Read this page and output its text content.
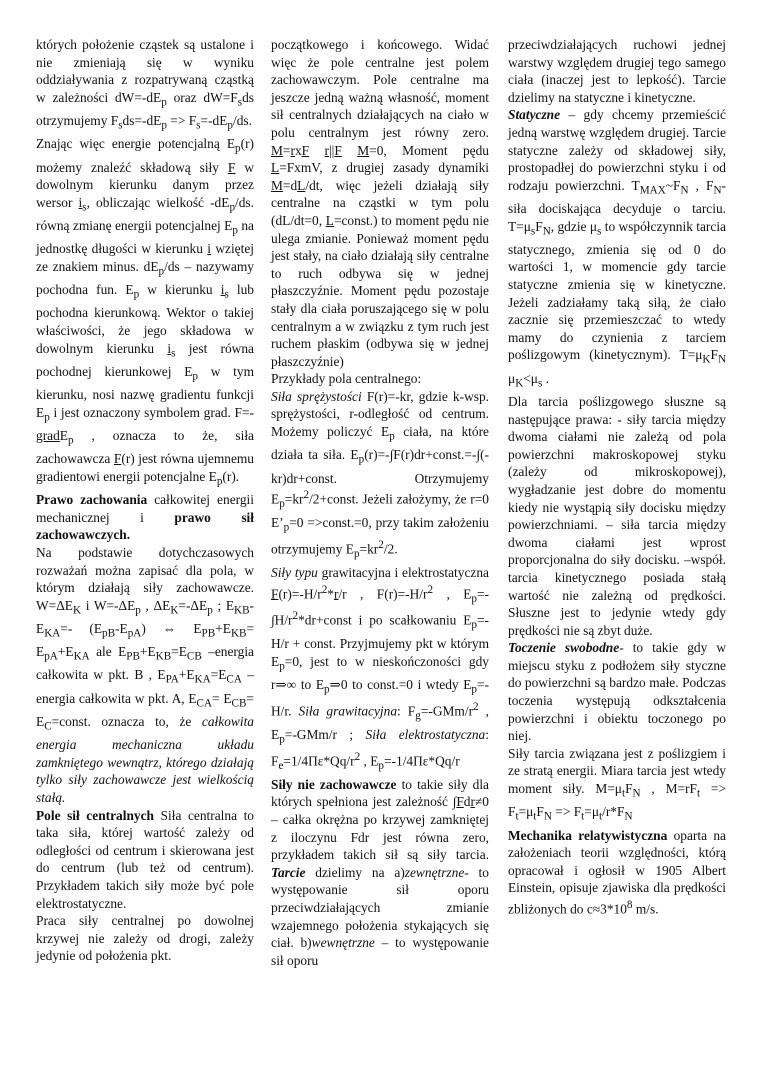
których położenie cząstek są ustalone i nie zmieniają się w wyniku oddziaływania z rozpatrywaną cząstką w zależności $dW=-dE_p$ oraz $dW=F_sds$ otrzymujemy $F_sds=-dE_p => F_s=-dE_p/ds$.

Znając więc energie potencjalną $E_p(r)$ możemy znaleźć składową siły F w dowolnym kierunku danym przez wersor $i_s$, obliczając wielkość $-dE_p/ds$. równą zmianę energii potencjalnej $E_p$ na jednostkę długości w kierunku i wziętej ze znakiem minus. $dE_p/ds$ – nazywamy pochodna fun. $E_p$ w kierunku $i_s$ lub pochodna kierunkową. Wektor o takiej właściwości, że jego składowa w dowolnym kierunku $i_s$ jest równa pochodnej kierunkowej $E_p$ w tym kierunku, nosi nazwę gradientu funkcji $E_p$ i jest oznaczony symbolem grad. F=-gradE$_p$ , oznacza to że, siła zachowawcza F(r) jest równa ujemnemu gradientowi energii potencjalne $E_p(r)$.

Prawo zachowania całkowitej energii mechanicznej i prawo sił zachowawczych.

Na podstawie dotychczasowych rozważań można zapisać dla pola, w którym działają siły zachowawcze. $W=\Delta E_K$ i $W=-\Delta E_p$ , $\Delta E_K=-\Delta E_p$ ; $E_{KB}-E_{KA}=-$ $(E_{pB}-E_{pA})$ ⇔ $E_{PB}+E_{KB}= E_{pA}+E_{KA}$ ale $E_{PB}+E_{KB}=E_{CB}$ –energia całkowita w pkt. B , $E_{PA}+E_{KA}=E_{CA}$ –energia całkowita w pkt. A, $E_{CA}= E_{CB}=$ $E_C=const$. oznacza to, że całkowita energia mechaniczna układu zamkniętego wewnątrz, którego działają tylko siły zachowawcze jest wielkością stałą.

Pole sił centralnych Siła centralna to taka siła, której wartość zależy od odległości od centrum i skierowana jest do centrum (lub też od centrum). Przykładem takich siły może być pole elektrostatyczne.

Praca siły centralnej po dowolnej krzywej nie zależy od drogi, zależy jedynie od położenia pkt.

początkowego i końcowego. Widać więc że pole centralne jest polem zachowawczym. Pole centralne ma jeszcze jedną ważną własność, moment sił centralnych działających na ciało w polu centralnym jest równy zero. M=rxF r||F M=0, Moment pędu L=FxmV, z drugiej zasady dynamiki M=dL/dt, więc jeżeli działają siły centralne na cząstki w tym polu (dL/dt=0, L=const.) to moment pędu nie ulega zmianie. Ponieważ moment pędu jest stały, na ciało działają siły centralne to ruch odbywa się w jednej płaszczyźnie. Moment pędu pozostaje stały dla ciała poruszającego się w polu centralnym a w związku z tym ruch jest ruchem płaskim (odbywa się w jednej płaszczyźnie)

Przykłady pola centralnego:

Siła sprężystości F(r)=-kr, gdzie k-wsp. sprężystości, r-odległość od centrum. Możemy policzyć $E_p$ ciała, na które działa ta siła. $E_p(r)=-\int F(r)dr+const.=-\int(-kr)dr+const$. Otrzymujemy $E_p=kr^2/2+const$. Jeżeli założymy, że r=0 $E’_p=0$ =>const.=0, przy takim założeniu otrzymujemy $E_p=kr^2/2$.

Siły typu grawitacyjna i elektrostatyczna $F(r)=-H/r^2*r/r$ , $F(r)=-H/r^2$ , $E_p=-\int H/r^2*dr+const$ i po scałkowaniu $E_p=-H/r$ + const. Przyjmujemy pkt w którym $E_p=0$, jest to w nieskończoności gdy r⇒∞ to $E_p\Rightarrow 0$ to const.=0 i wtedy $E_p=-H/r$. Siła grawitacyjna: $F_g=-GMm/r^2$ , $E_p=-GMm/r$ ; Siła elektrostatyczna: $F_e=1/4\Pi\varepsilon*Qq/r^2$ , $E_p=-1/4\Pi\varepsilon*Qq/r$

Siły nie zachowawcze to takie siły dla których spełniona jest zależność ∫Fdr≠0 – całka okrężna po krzywej zamkniętej z iloczynu Fdr jest równa zero, przykładem takich sił są siły tarcia. Tarcie dzielimy na a)zewnętrzne- to występowanie sił oporu przeciwdziałających zmianie wzajemnego położenia stykających się ciał. b)wewnętrzne – to występowanie sił oporu

przeciwdziałających ruchowi jednej warstwy względem drugiej tego samego ciała (inaczej jest to lepkość). Tarcie dzielimy na statyczne i kinetyczne.

Statyczne – gdy chcemy przemieścić jedną warstwę względem drugiej. Tarcie statyczne zależy od składowej siły, prostopadłej do powierzchni styku i od rodzaju powierzchni. $T_{MAX}\sim F_N$ , $F_N-$ siła dociskająca decyduje o tarciu. $T=\mu_sF_N$, gdzie $\mu_s$ to współczynnik tarcia statycznego, zmienia się od 0 do wartości 1, w momencie gdy tarcie statyczne zmienia się w kinetyczne. Jeżeli zadziałamy taką siłą, że ciało zacznie się przemieszczać to wtedy mamy do czynienia z tarciem poślizgowym (kinetycznym). $T=\mu_KF_N$ $\mu_K<\mu_s$ .

Dla tarcia poślizgowego słuszne są następujące prawa: - siły tarcia między dwoma ciałami nie zależą od pola powierzchni makroskopowej styku (zależy od mikroskopowej), wygładzanie jest dobre do momentu kiedy nie wystąpią siły docisku między powierzchniami. – siła tarcia między dwoma ciałami jest wprost proporcjonalna do siły docisku. –współ. tarcia kinetycznego posiada stałą wartość nie zależną od prędkości. Słuszne jest to jedynie wtedy gdy prędkości nie są zbyt duże.

Toczenie swobodne- to takie gdy w miejscu styku z podłożem siły styczne do powierzchni są bardzo małe. Podczas toczenia występują odkształcenia powierzchni i obiektu toczonego po niej.

Siły tarcia związana jest z poślizgiem i ze stratą energii. Miara tarcia jest wtedy moment siły. $M=\mu_tF_N$ , $M=rF_t => F_t=\mu_tF_N => F_t=\mu_t/r*F_N$

Mechanika relatywistyczna oparta na założeniach teorii względności, którą opracował i ogłosił w 1905 Albert Einstein, opisuje zjawiska dla prędkości zbliżonych do $c\approx 3*10^8$ m/s.
